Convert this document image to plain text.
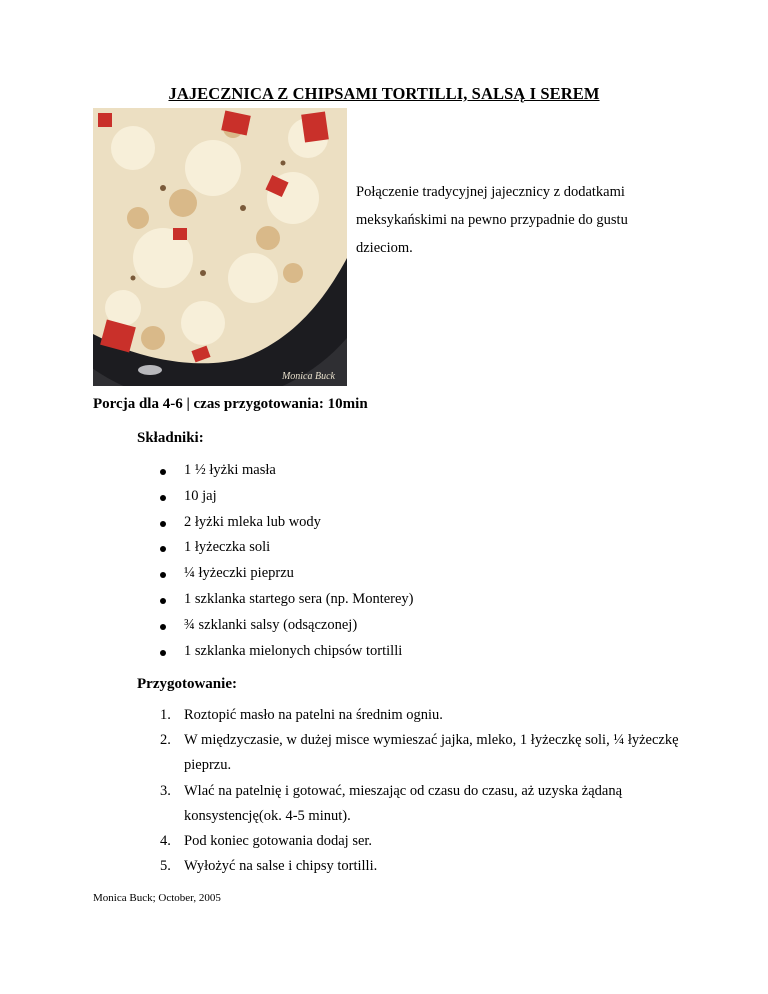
JAJECZNICA Z CHIPSAMI TORTILLI, SALSĄ I SEREM
Monica Buck
Połączenie tradycyjnej jajecznicy z dodatkami meksykańskimi na pewno przypadnie do gustu dzieciom.
Porcja dla 4-6 | czas przygotowania: 10min
Składniki:
1 ½ łyżki masła
10 jaj
2 łyżki mleka lub wody
1 łyżeczka soli
¼ łyżeczki pieprzu
1 szklanka startego sera (np. Monterey)
¾ szklanki salsy (odsączonej)
1 szklanka mielonych chipsów tortilli
Przygotowanie:
1. Roztopić masło na patelni na średnim ogniu.
2. W międzyczasie, w dużej misce wymieszać jajka, mleko, 1 łyżeczkę soli, ¼ łyżeczkę pieprzu.
3. Wlać na patelnię i gotować, mieszając od czasu do czasu, aż uzyska żądaną konsystencję(ok. 4-5 minut).
4. Pod koniec gotowania dodaj ser.
5. Wyłożyć na salse i chipsy tortilli.
Monica Buck; October, 2005
